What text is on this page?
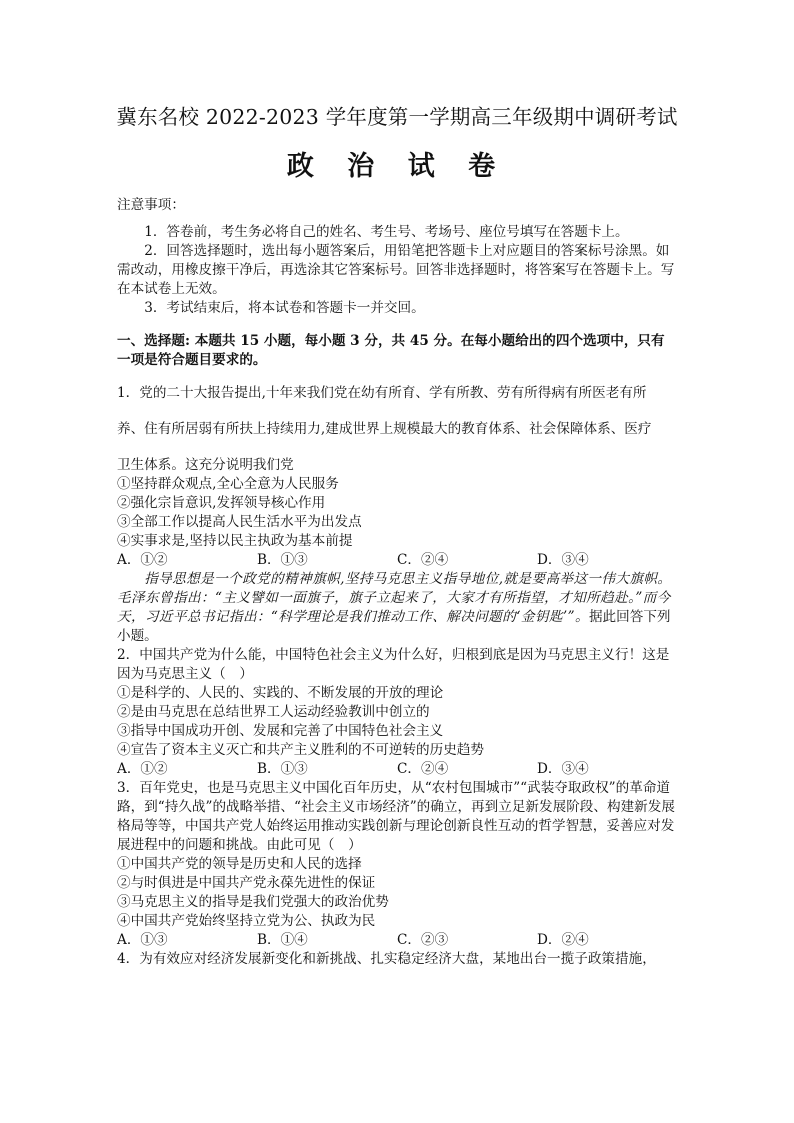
冀东名校 2022-2023 学年度第一学期高三年级期中调研考试
政 治 试 卷

注意事项：

1．答卷前，考生务必将自己的姓名、考生号、考场号、座位号填写在答题卡上。

2．回答选择题时，选出每小题答案后，用铅笔把答题卡上对应题目的答案标号涂黑。如需改动，用橡皮擦干净后，再选涂其它答案标号。回答非选择题时，将答案写在答题卡上。写在本试卷上无效。

3．考试结束后，将本试卷和答题卡一并交回。

一、选择题: 本题共 15 小题，每小题 3 分，共 45 分。在每小题给出的四个选项中，只有一项是符合题目要求的。

1．党的二十大报告提出,十年来我们党在幼有所育、学有所教、劳有所得病有所医老有所

养、住有所居弱有所扶上持续用力,建成世界上规模最大的教育体系、社会保障体系、医疗

卫生体系。这充分说明我们党

①坚持群众观点,全心全意为人民服务

②强化宗旨意识,发挥领导核心作用

③全部工作以提高人民生活水平为出发点

④实事求是,坚持以民主执政为基本前提

A．①②	B．①③	C．②④	D．③④

指导思想是一个政党的精神旗帜,坚持马克思主义指导地位,就是要高举这一伟大旗帜。毛泽东曾指出：“主义譬如一面旗子，旗子立起来了，大家才有所指望，才知所趋赴。”而今天，习近平总书记指出：“科学理论是我们推动工作、解决问题的‘金钥匙’”。据此回答下列小题。

2．中国共产党为什么能，中国特色社会主义为什么好，归根到底是因为马克思主义行！这是因为马克思主义（　）

①是科学的、人民的、实践的、不断发展的开放的理论

②是由马克思在总结世界工人运动经验教训中创立的

③指导中国成功开创、发展和完善了中国特色社会主义

④宣告了资本主义灭亡和共产主义胜利的不可逆转的历史趋势

A．①②	B．①③	C．②④	D．③④

3．百年党史，也是马克思主义中国化百年历史，从“农村包围城市”“武装夺取政权”的革命道路，到“持久战”的战略举措、“社会主义市场经济”的确立，再到立足新发展阶段、构建新发展格局等等，中国共产党人始终运用推动实践创新与理论创新良性互动的哲学智慧，妥善应对发展进程中的问题和挑战。由此可见（　）

①中国共产党的领导是历史和人民的选择

②与时俱进是中国共产党永葆先进性的保证

③马克思主义的指导是我们党强大的政治优势

④中国共产党始终坚持立党为公、执政为民

A．①③	B．①④	C．②③	D．②④

4．为有效应对经济发展新变化和新挑战、扎实稳定经济大盘，某地出台一揽子政策措施，
